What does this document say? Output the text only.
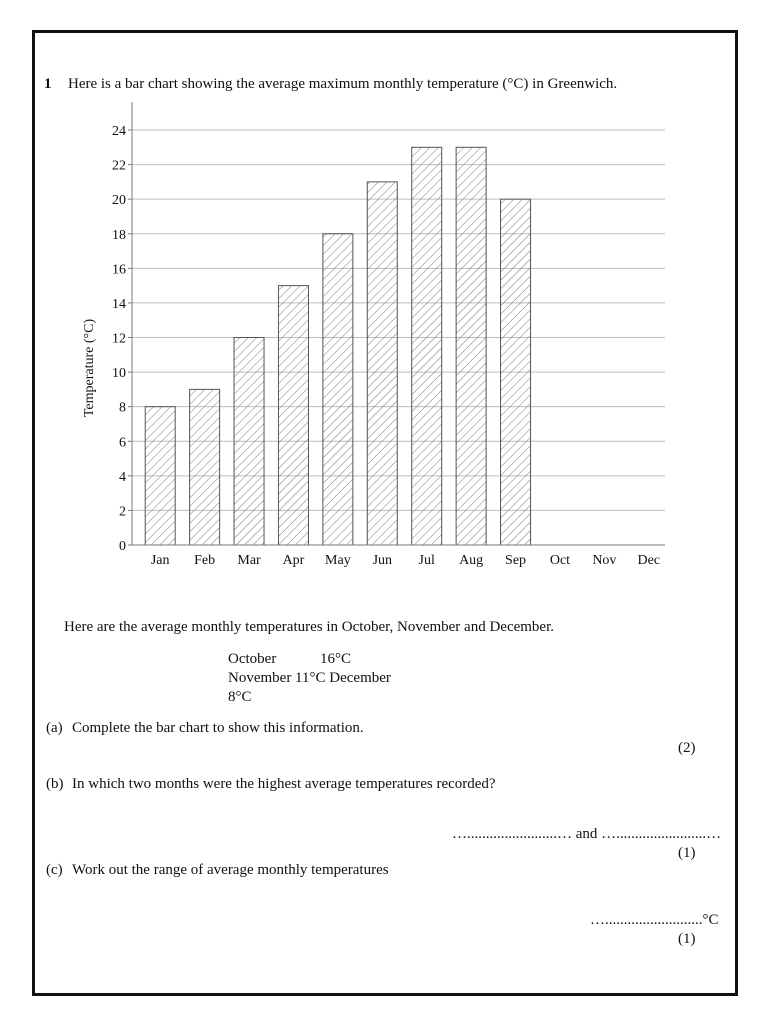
1 Here is a bar chart showing the average maximum monthly temperature (°C) in Greenwich.
0
2
4
6
8
10
12
14
16
18
20
22
24
Jan Feb Mar Apr May Jun Jul Aug Sep Oct Nov Dec
Temperature (°C)
Here are the average monthly temperatures in October, November and December.
October	16°C
November 11°C December
8°C
(a) Complete the bar chart to show this information.
(2)
(b) In which two months were the highest average temperatures recorded?
…........................… and …........................…
(1)
(c) Work out the range of average monthly temperatures
…..........................°C
(1)
